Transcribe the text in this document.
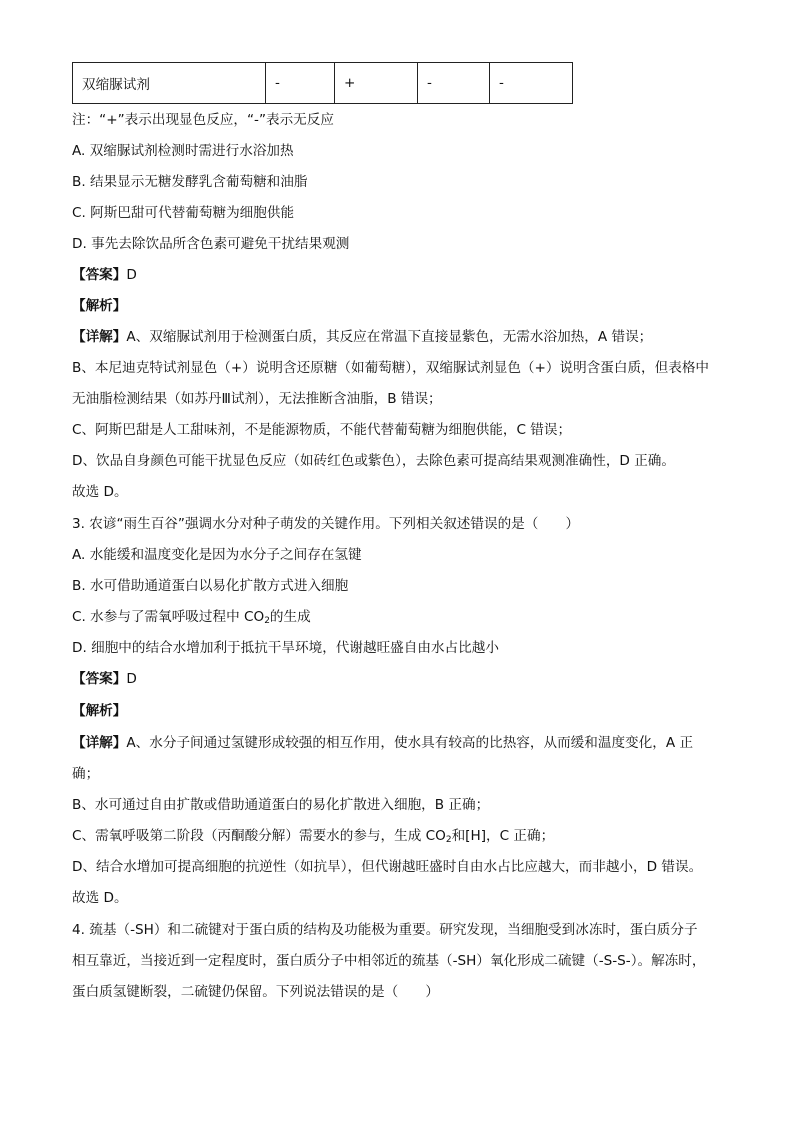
双缩脲试剂	-	+	-	-
注：“+”表示出现显色反应，“-”表示无反应
A. 双缩脲试剂检测时需进行水浴加热
B. 结果显示无糖发酵乳含葡萄糖和油脂
C. 阿斯巴甜可代替葡萄糖为细胞供能
D. 事先去除饮品所含色素可避免干扰结果观测
【答案】D
【解析】
【详解】A、双缩脲试剂用于检测蛋白质，其反应在常温下直接显紫色，无需水浴加热，A 错误；
B、本尼迪克特试剂显色（+）说明含还原糖（如葡萄糖），双缩脲试剂显色（+）说明含蛋白质，但表格中
无油脂检测结果（如苏丹Ⅲ试剂），无法推断含油脂，B 错误；
C、阿斯巴甜是人工甜味剂，不是能源物质，不能代替葡萄糖为细胞供能，C 错误；
D、饮品自身颜色可能干扰显色反应（如砖红色或紫色），去除色素可提高结果观测准确性，D 正确。
故选 D。
3. 农谚“雨生百谷”强调水分对种子萌发的关键作用。下列相关叙述错误的是（　　）
A. 水能缓和温度变化是因为水分子之间存在氢键
B. 水可借助通道蛋白以易化扩散方式进入细胞
C. 水参与了需氧呼吸过程中 $CO_2$的生成
D. 细胞中的结合水增加利于抵抗干旱环境，代谢越旺盛自由水占比越小
【答案】D
【解析】
【详解】A、水分子间通过氢键形成较强的相互作用，使水具有较高的比热容，从而缓和温度变化，A 正
确；
B、水可通过自由扩散或借助通道蛋白的易化扩散进入细胞，B 正确；
C、需氧呼吸第二阶段（丙酮酸分解）需要水的参与，生成 $CO_2$和[H]，C 正确；
D、结合水增加可提高细胞的抗逆性（如抗旱），但代谢越旺盛时自由水占比应越大，而非越小，D 错误。
故选 D。
4. 巯基（-SH）和二硫键对于蛋白质的结构及功能极为重要。研究发现，当细胞受到冰冻时，蛋白质分子
相互靠近，当接近到一定程度时，蛋白质分子中相邻近的巯基（-SH）氧化形成二硫键（-S-S-）。解冻时，
蛋白质氢键断裂，二硫键仍保留。下列说法错误的是（　　）
